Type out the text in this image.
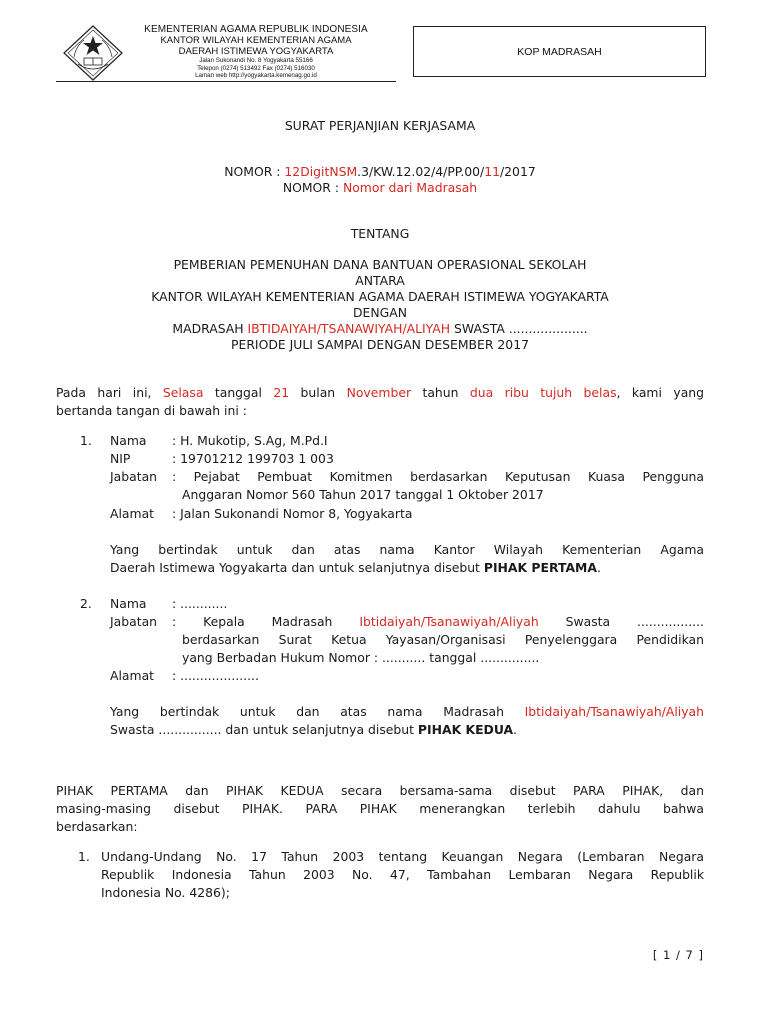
KEMENTERIAN AGAMA REPUBLIK INDONESIA
KANTOR WILAYAH KEMENTERIAN AGAMA
DAERAH ISTIMEWA YOGYAKARTA
Jalan Sukonandi No. 8 Yogyakarta 55166
Telepon (0274) 513492 Fax (0274) 516030
Laman web http://yogyakarta.kemenag.go.id
KOP MADRASAH
SURAT PERJANJIAN KERJASAMA
NOMOR : 12DigitNSM.3/KW.12.02/4/PP.00/11/2017
NOMOR : Nomor dari Madrasah
TENTANG
PEMBERIAN PEMENUHAN DANA BANTUAN OPERASIONAL SEKOLAH
ANTARA
KANTOR WILAYAH KEMENTERIAN AGAMA DAERAH ISTIMEWA YOGYAKARTA
DENGAN
MADRASAH IBTIDAIYAH/TSANAWIYAH/ALIYAH SWASTA ....................
PERIODE JULI SAMPAI DENGAN DESEMBER 2017
Pada hari ini, Selasa tanggal 21 bulan November tahun dua ribu tujuh belas, kami yang
bertanda tangan di bawah ini :
1. Nama : H. Mukotip, S.Ag, M.Pd.I
NIP	: 19701212 199703 1 003
Jabatan : Pejabat Pembuat Komitmen berdasarkan Keputusan Kuasa Pengguna
Anggaran Nomor 560 Tahun 2017 tanggal 1 Oktober 2017
Alamat : Jalan Sukonandi Nomor 8, Yogyakarta
Yang bertindak untuk dan atas nama Kantor Wilayah Kementerian Agama
Daerah Istimewa Yogyakarta dan untuk selanjutnya disebut PIHAK PERTAMA.
2. Nama : ............
Jabatan : Kepala Madrasah Ibtidaiyah/Tsanawiyah/Aliyah Swasta .................
berdasarkan Surat Ketua Yayasan/Organisasi Penyelenggara Pendidikan
yang Berbadan Hukum Nomor : ........... tanggal ...............
Alamat : ....................
Yang bertindak untuk dan atas nama Madrasah Ibtidaiyah/Tsanawiyah/Aliyah
Swasta ................ dan untuk selanjutnya disebut PIHAK KEDUA.
PIHAK PERTAMA dan PIHAK KEDUA secara bersama-sama disebut PARA PIHAK, dan
masing-masing disebut PIHAK. PARA PIHAK menerangkan terlebih dahulu bahwa
berdasarkan:
1. Undang-Undang No. 17 Tahun 2003 tentang Keuangan Negara (Lembaran Negara
Republik Indonesia Tahun 2003 No. 47, Tambahan Lembaran Negara Republik
Indonesia No. 4286);
[ 1 / 7 ]
